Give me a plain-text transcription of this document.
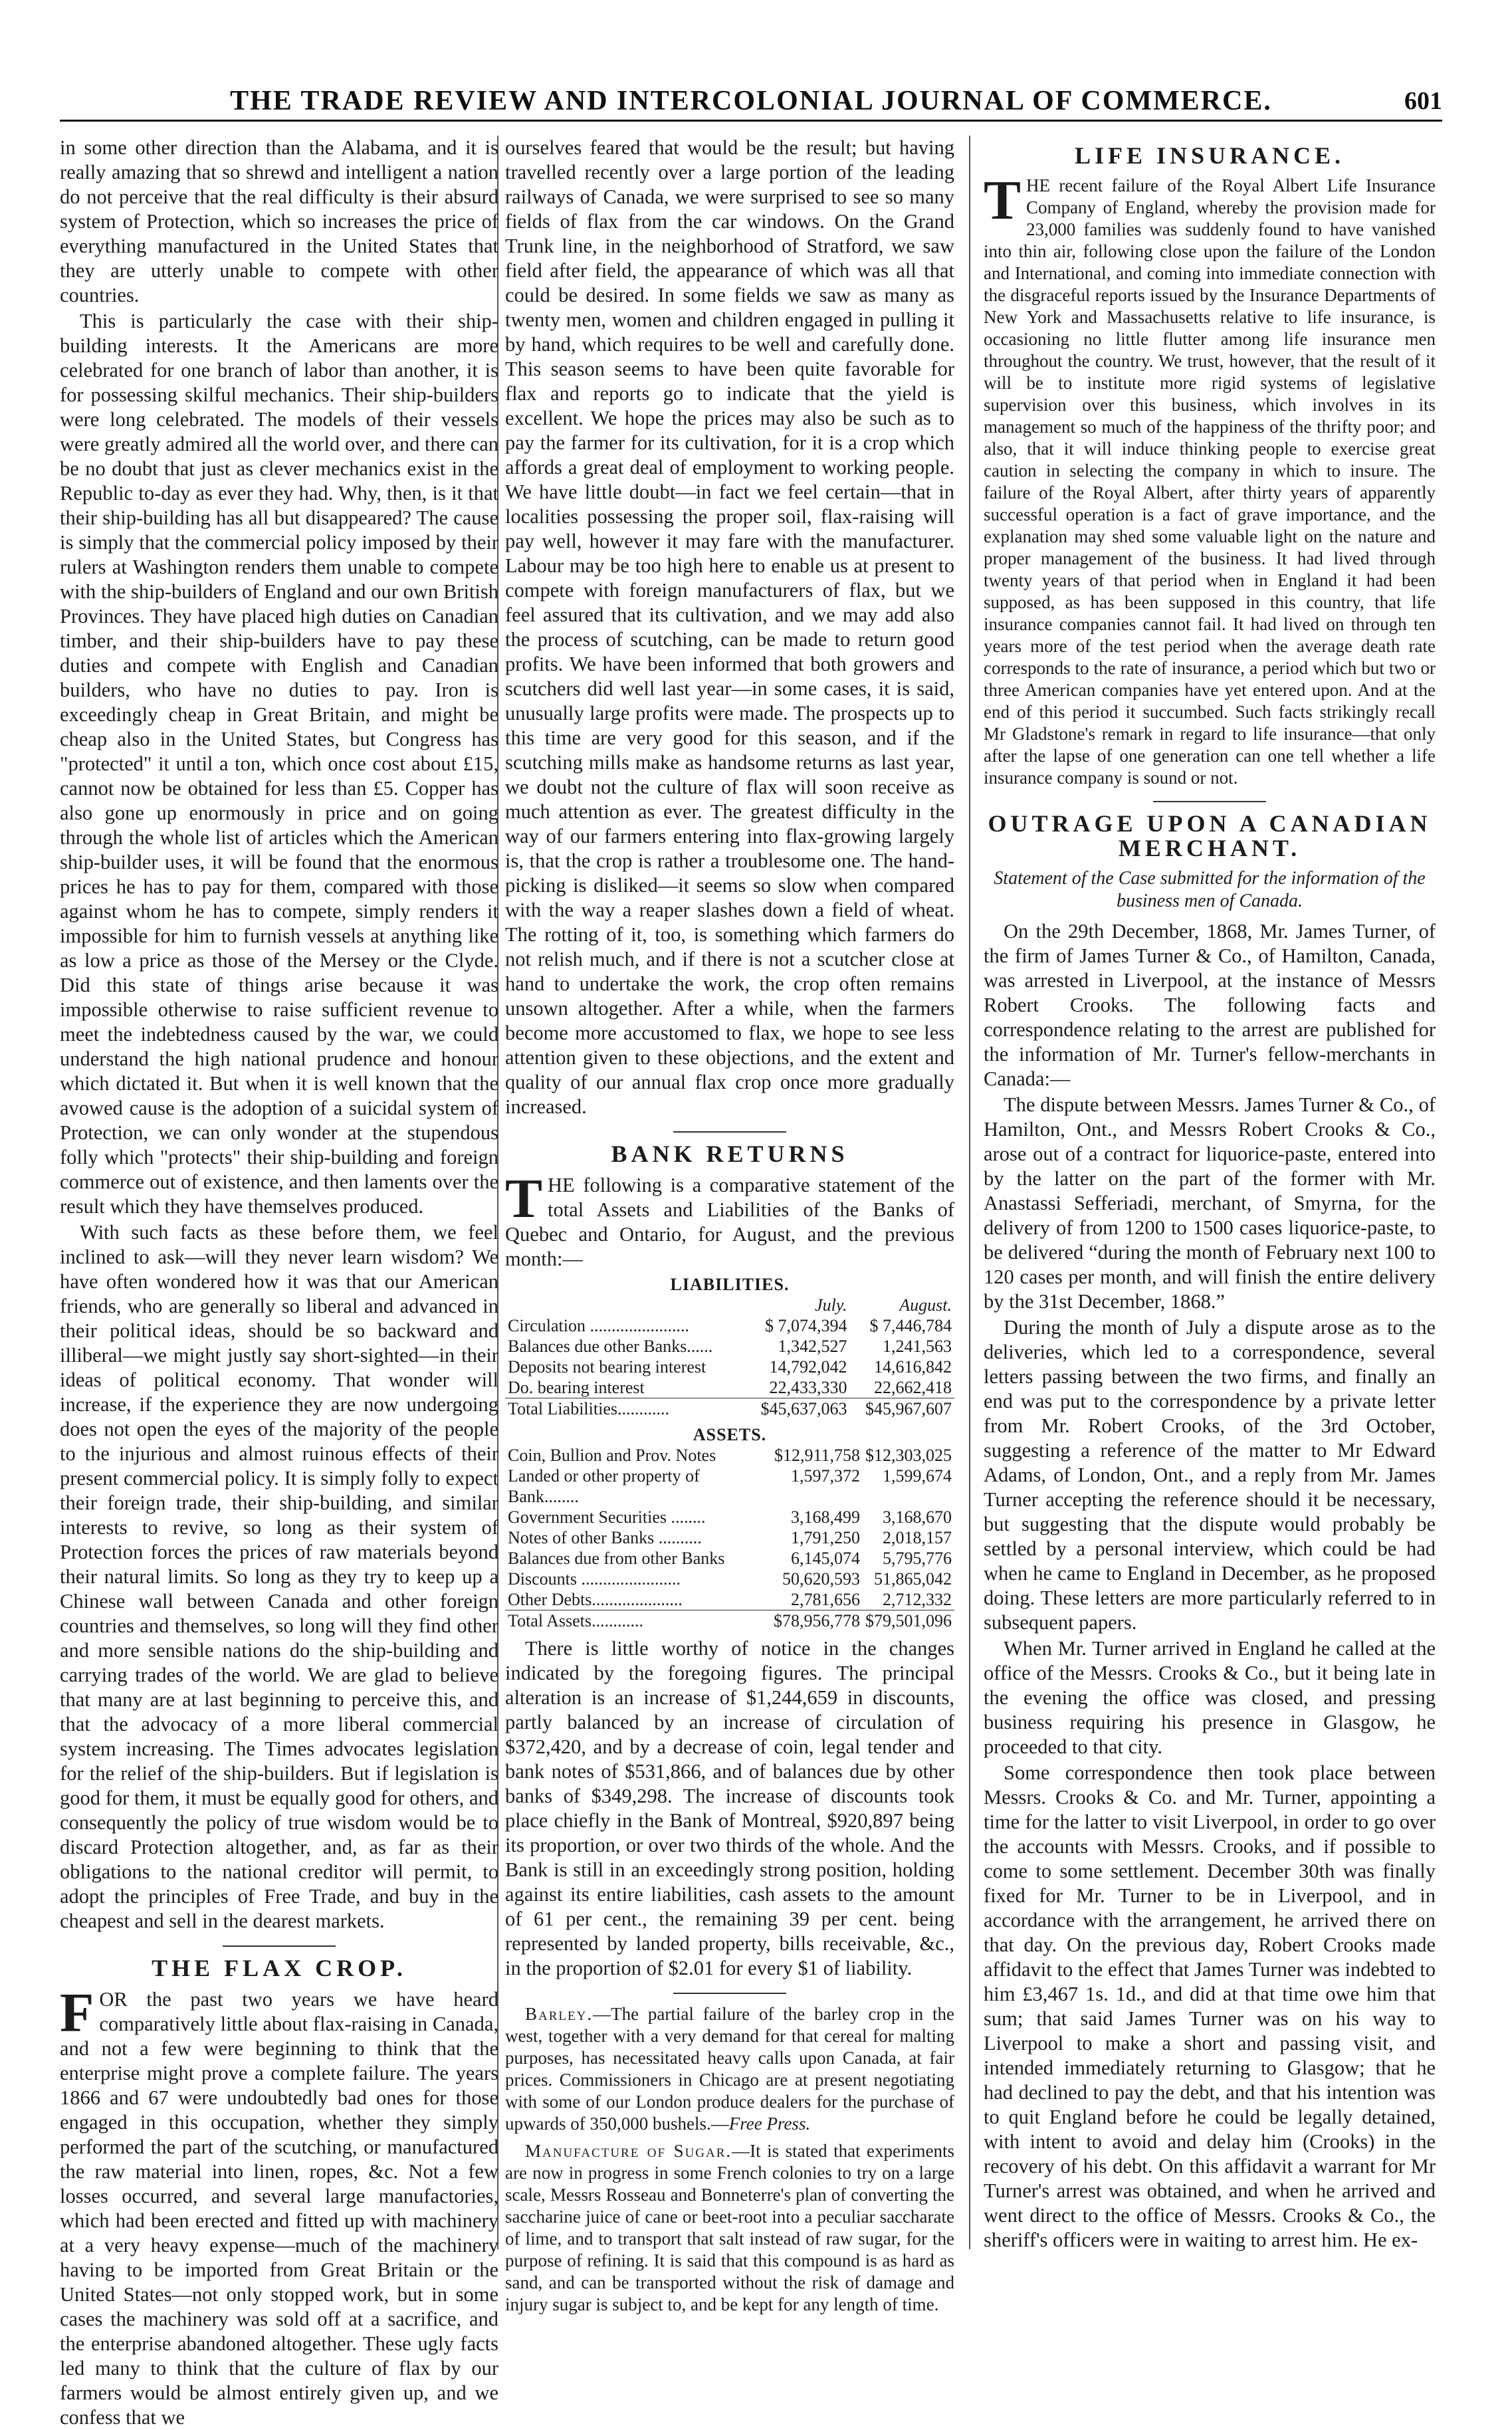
THE TRADE REVIEW AND INTERCOLONIAL JOURNAL OF COMMERCE.	601

in some other direction than the Alabama, and it is really amazing that so shrewd and intelligent a nation do not perceive that the real difficulty is their absurd system of Protection, which so increases the price of everything manufactured in the United States that they are utterly unable to compete with other countries.

This is particularly the case with their ship-building interests. It the Americans are more celebrated for one branch of labor than another, it is for possessing skilful mechanics. Their ship-builders were long celebrated. The models of their vessels were greatly admired all the world over, and there can be no doubt that just as clever mechanics exist in the Republic to-day as ever they had. Why, then, is it that their ship-building has all but disappeared? The cause is simply that the commercial policy imposed by their rulers at Washington renders them unable to compete with the ship-builders of England and our own British Provinces. They have placed high duties on Canadian timber, and their ship-builders have to pay these duties and compete with English and Canadian builders, who have no duties to pay. Iron is exceedingly cheap in Great Britain, and might be cheap also in the United States, but Congress has "protected" it until a ton, which once cost about £15, cannot now be obtained for less than £5. Copper has also gone up enormously in price and on going through the whole list of articles which the American ship-builder uses, it will be found that the enormous prices he has to pay for them, compared with those against whom he has to compete, simply renders it impossible for him to furnish vessels at anything like as low a price as those of the Mersey or the Clyde. Did this state of things arise because it was impossible otherwise to raise sufficient revenue to meet the indebtedness caused by the war, we could understand the high national prudence and honour which dictated it. But when it is well known that the avowed cause is the adoption of a suicidal system of Protection, we can only wonder at the stupendous folly which "protects" their ship-building and foreign commerce out of existence, and then laments over the result which they have themselves produced.

With such facts as these before them, we feel inclined to ask—will they never learn wisdom? We have often wondered how it was that our American friends, who are generally so liberal and advanced in their political ideas, should be so backward and illiberal—we might justly say short-sighted—in their ideas of political economy. That wonder will increase, if the experience they are now undergoing does not open the eyes of the majority of the people to the injurious and almost ruinous effects of their present commercial policy. It is simply folly to expect their foreign trade, their ship-building, and similar interests to revive, so long as their system of Protection forces the prices of raw materials beyond their natural limits. So long as they try to keep up a Chinese wall between Canada and other foreign countries and themselves, so long will they find other and more sensible nations do the ship-building and carrying trades of the world. We are glad to believe that many are at last beginning to perceive this, and that the advocacy of a more liberal commercial system increasing. The Times advocates legislation for the relief of the ship-builders. But if legislation is good for them, it must be equally good for others, and consequently the policy of true wisdom would be to discard Protection altogether, and, as far as their obligations to the national creditor will permit, to adopt the principles of Free Trade, and buy in the cheapest and sell in the dearest markets.

THE FLAX CROP.

FOR the past two years we have heard comparatively little about flax-raising in Canada, and not a few were beginning to think that the enterprise might prove a complete failure. The years 1866 and 67 were undoubtedly bad ones for those engaged in this occupation, whether they simply performed the part of the scutching, or manufactured the raw material into linen, ropes, &c. Not a few losses occurred, and several large manufactories, which had been erected and fitted up with machinery at a very heavy expense—much of the machinery having to be imported from Great Britain or the United States—not only stopped work, but in some cases the machinery was sold off at a sacrifice, and the enterprise abandoned altogether. These ugly facts led many to think that the culture of flax by our farmers would be almost entirely given up, and we confess that we

ourselves feared that would be the result; but having travelled recently over a large portion of the leading railways of Canada, we were surprised to see so many fields of flax from the car windows. On the Grand Trunk line, in the neighborhood of Stratford, we saw field after field, the appearance of which was all that could be desired. In some fields we saw as many as twenty men, women and children engaged in pulling it by hand, which requires to be well and carefully done. This season seems to have been quite favorable for flax and reports go to indicate that the yield is excellent. We hope the prices may also be such as to pay the farmer for its cultivation, for it is a crop which affords a great deal of employment to working people. We have little doubt—in fact we feel certain—that in localities possessing the proper soil, flax-raising will pay well, however it may fare with the manufacturer. Labour may be too high here to enable us at present to compete with foreign manufacturers of flax, but we feel assured that its cultivation, and we may add also the process of scutching, can be made to return good profits. We have been informed that both growers and scutchers did well last year—in some cases, it is said, unusually large profits were made. The prospects up to this time are very good for this season, and if the scutching mills make as handsome returns as last year, we doubt not the culture of flax will soon receive as much attention as ever. The greatest difficulty in the way of our farmers entering into flax-growing largely is, that the crop is rather a troublesome one. The hand-picking is disliked—it seems so slow when compared with the way a reaper slashes down a field of wheat. The rotting of it, too, is something which farmers do not relish much, and if there is not a scutcher close at hand to undertake the work, the crop often remains unsown altogether. After a while, when the farmers become more accustomed to flax, we hope to see less attention given to these objections, and the extent and quality of our annual flax crop once more gradually increased.

BANK RETURNS

THE following is a comparative statement of the total Assets and Liabilities of the Banks of Quebec and Ontario, for August, and the previous month:—

LIABILITIES.		
	July.	August.
Circulation .......................	$ 7,074,394	$ 7,446,784
Balances due other Banks......	1,342,527	1,241,563
Deposits not bearing interest	14,792,042	14,616,842
Do. bearing interest	22,433,330	22,662,418
Total Liabilities............	$45,637,063	$45,967,607
ASSETS.		
Coin, Bullion and Prov. Notes	$12,911,758	$12,303,025
Landed or other property of Bank........	1,597,372	1,599,674
Government Securities ........	3,168,499	3,168,670
Notes of other Banks ..........	1,791,250	2,018,157
Balances due from other Banks	6,145,074	5,795,776
Discounts .......................	50,620,593	51,865,042
Other Debts.....................	2,781,656	2,712,332
Total Assets............	$78,956,778	$79,501,096

There is little worthy of notice in the changes indicated by the foregoing figures. The principal alteration is an increase of $1,244,659 in discounts, partly balanced by an increase of circulation of $372,420, and by a decrease of coin, legal tender and bank notes of $531,866, and of balances due by other banks of $349,298. The increase of discounts took place chiefly in the Bank of Montreal, $920,897 being its proportion, or over two thirds of the whole. And the Bank is still in an exceedingly strong position, holding against its entire liabilities, cash assets to the amount of 61 per cent., the remaining 39 per cent. being represented by landed property, bills receivable, &c., in the proportion of $2.01 for every $1 of liability.

Barley.—The partial failure of the barley crop in the west, together with a very demand for that cereal for malting purposes, has necessitated heavy calls upon Canada, at fair prices. Commissioners in Chicago are at present negotiating with some of our London produce dealers for the purchase of upwards of 350,000 bushels.—Free Press.

Manufacture of Sugar.—It is stated that experiments are now in progress in some French colonies to try on a large scale, Messrs Rosseau and Bonneterre's plan of converting the saccharine juice of cane or beet-root into a peculiar saccharate of lime, and to transport that salt instead of raw sugar, for the purpose of refining. It is said that this compound is as hard as sand, and can be transported without the risk of damage and injury sugar is subject to, and be kept for any length of time.

LIFE INSURANCE.

THE recent failure of the Royal Albert Life Insurance Company of England, whereby the provision made for 23,000 families was suddenly found to have vanished into thin air, following close upon the failure of the London and International, and coming into immediate connection with the disgraceful reports issued by the Insurance Departments of New York and Massachusetts relative to life insurance, is occasioning no little flutter among life insurance men throughout the country. We trust, however, that the result of it will be to institute more rigid systems of legislative supervision over this business, which involves in its management so much of the happiness of the thrifty poor; and also, that it will induce thinking people to exercise great caution in selecting the company in which to insure. The failure of the Royal Albert, after thirty years of apparently successful operation is a fact of grave importance, and the explanation may shed some valuable light on the nature and proper management of the business. It had lived through twenty years of that period when in England it had been supposed, as has been supposed in this country, that life insurance companies cannot fail. It had lived on through ten years more of the test period when the average death rate corresponds to the rate of insurance, a period which but two or three American companies have yet entered upon. And at the end of this period it succumbed. Such facts strikingly recall Mr Gladstone's remark in regard to life insurance—that only after the lapse of one generation can one tell whether a life insurance company is sound or not.

OUTRAGE UPON A CANADIAN MERCHANT.
Statement of the Case submitted for the information of the business men of Canada.

On the 29th December, 1868, Mr. James Turner, of the firm of James Turner & Co., of Hamilton, Canada, was arrested in Liverpool, at the instance of Messrs Robert Crooks. The following facts and correspondence relating to the arrest are published for the information of Mr. Turner's fellow-merchants in Canada:—

The dispute between Messrs. James Turner & Co., of Hamilton, Ont., and Messrs Robert Crooks & Co., arose out of a contract for liquorice-paste, entered into by the latter on the part of the former with Mr. Anastassi Sefferiadi, merchant, of Smyrna, for the delivery of from 1200 to 1500 cases liquorice-paste, to be delivered “during the month of February next 100 to 120 cases per month, and will finish the entire delivery by the 31st December, 1868.”

During the month of July a dispute arose as to the deliveries, which led to a correspondence, several letters passing between the two firms, and finally an end was put to the correspondence by a private letter from Mr. Robert Crooks, of the 3rd October, suggesting a reference of the matter to Mr Edward Adams, of London, Ont., and a reply from Mr. James Turner accepting the reference should it be necessary, but suggesting that the dispute would probably be settled by a personal interview, which could be had when he came to England in December, as he proposed doing. These letters are more particularly referred to in subsequent papers.

When Mr. Turner arrived in England he called at the office of the Messrs. Crooks & Co., but it being late in the evening the office was closed, and pressing business requiring his presence in Glasgow, he proceeded to that city.

Some correspondence then took place between Messrs. Crooks & Co. and Mr. Turner, appointing a time for the latter to visit Liverpool, in order to go over the accounts with Messrs. Crooks, and if possible to come to some settlement. December 30th was finally fixed for Mr. Turner to be in Liverpool, and in accordance with the arrangement, he arrived there on that day. On the previous day, Robert Crooks made affidavit to the effect that James Turner was indebted to him £3,467 1s. 1d., and did at that time owe him that sum; that said James Turner was on his way to Liverpool to make a short and passing visit, and intended immediately returning to Glasgow; that he had declined to pay the debt, and that his intention was to quit England before he could be legally detained, with intent to avoid and delay him (Crooks) in the recovery of his debt. On this affidavit a warrant for Mr Turner's arrest was obtained, and when he arrived and went direct to the office of Messrs. Crooks & Co., the sheriff's officers were in waiting to arrest him. He ex-
